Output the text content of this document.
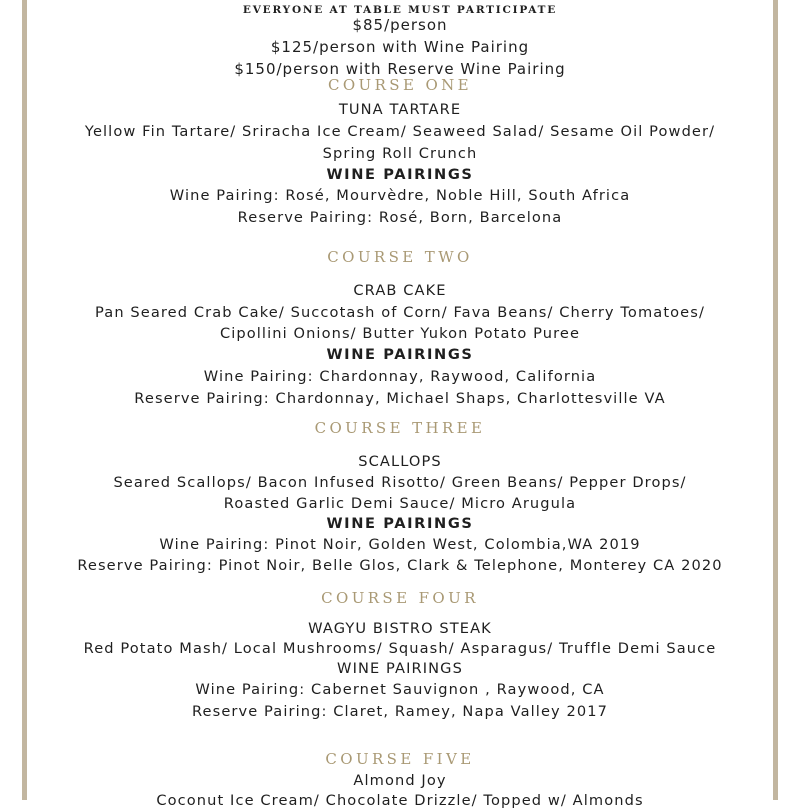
EVERYONE AT TABLE MUST PARTICIPATE
$85/person
$125/person with Wine Pairing
$150/person with Reserve Wine Pairing
COURSE ONE
TUNA TARTARE
Yellow Fin Tartare/ Sriracha Ice Cream/ Seaweed Salad/ Sesame Oil Powder/
Spring Roll Crunch
WINE PAIRINGS
Wine Pairing: Rosé, Mourvèdre, Noble Hill, South Africa
Reserve Pairing: Rosé, Born, Barcelona
COURSE TWO
CRAB CAKE
Pan Seared Crab Cake/ Succotash of Corn/ Fava Beans/ Cherry Tomatoes/
Cipollini Onions/ Butter Yukon Potato Puree
WINE PAIRINGS
Wine Pairing: Chardonnay, Raywood, California
Reserve Pairing: Chardonnay, Michael Shaps, Charlottesville VA
COURSE THREE
SCALLOPS
Seared Scallops/ Bacon Infused Risotto/ Green Beans/ Pepper Drops/
Roasted Garlic Demi Sauce/ Micro Arugula
WINE PAIRINGS
Wine Pairing: Pinot Noir, Golden West, Colombia,WA 2019
Reserve Pairing: Pinot Noir, Belle Glos, Clark & Telephone, Monterey CA 2020
COURSE FOUR
WAGYU BISTRO STEAK
Red Potato Mash/ Local Mushrooms/ Squash/ Asparagus/ Truffle Demi Sauce
WINE PAIRINGS
Wine Pairing: Cabernet Sauvignon , Raywood, CA
Reserve Pairing: Claret, Ramey, Napa Valley 2017
COURSE FIVE
Almond Joy
Coconut Ice Cream/ Chocolate Drizzle/ Topped w/ Almonds
